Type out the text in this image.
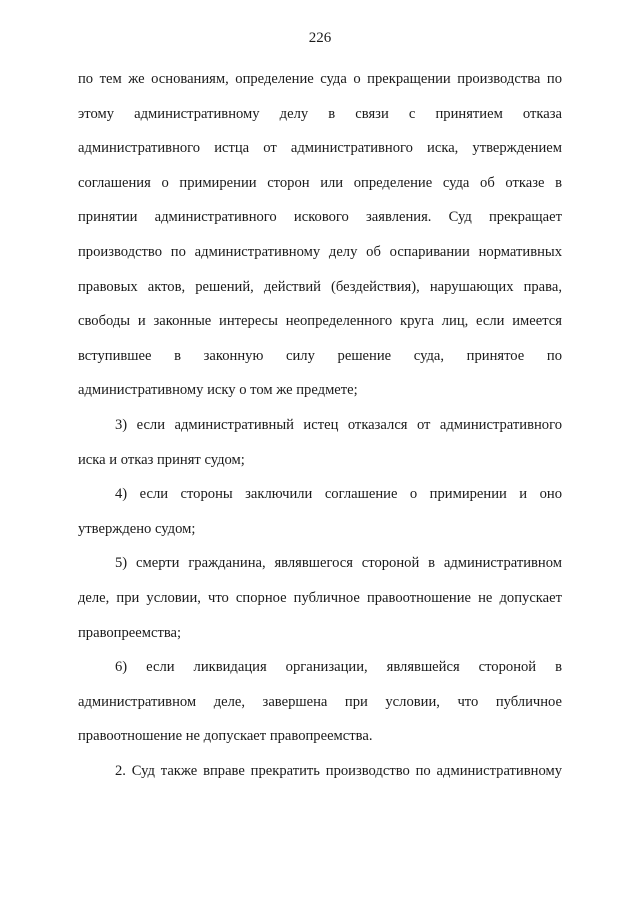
226
по тем же основаниям, определение суда о прекращении производства по
этому административному делу в связи с принятием отказа
административного истца от административного иска, утверждением
соглашения о примирении сторон или определение суда об отказе в
принятии административного искового заявления. Суд прекращает
производство по административному делу об оспаривании нормативных
правовых актов, решений, действий (бездействия), нарушающих права,
свободы и законные интересы неопределенного круга лиц, если имеется
вступившее в законную силу решение суда, принятое по
административному иску о том же предмете;
3) если административный истец отказался от административного
иска и отказ принят судом;
4) если стороны заключили соглашение о примирении и оно
утверждено судом;
5) смерти гражданина, являвшегося стороной в административном
деле, при условии, что спорное публичное правоотношение не допускает
правопреемства;
6) если ликвидация организации, являвшейся стороной в
административном деле, завершена при условии, что публичное
правоотношение не допускает правопреемства.
2. Суд также вправе прекратить производство по административному
